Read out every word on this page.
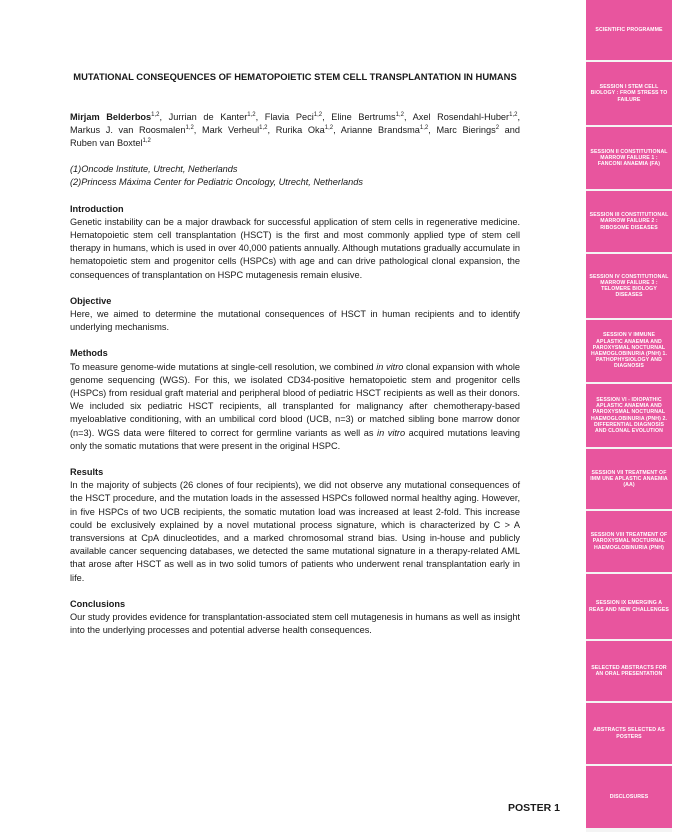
MUTATIONAL CONSEQUENCES OF HEMATOPOIETIC STEM CELL TRANSPLANTATION IN HUMANS
Mirjam Belderbos$^{1,2}$, Jurrian de Kanter$^{1,2}$, Flavia Peci$^{1,2}$, Eline Bertrums$^{1,2}$, Axel Rosendahl-Huber$^{1,2}$, Markus J. van Roosmalen$^{1,2}$, Mark Verheul$^{1,2}$, Rurika Oka$^{1,2}$, Arianne Brandsma$^{1,2}$, Marc Bierings$^2$ and Ruben van Boxtel$^{1,2}$
(1)Oncode Institute, Utrecht, Netherlands
(2)Princess Máxima Center for Pediatric Oncology, Utrecht, Netherlands
Introduction

Genetic instability can be a major drawback for successful application of stem cells in regenerative medicine. Hematopoietic stem cell transplantation (HSCT) is the first and most commonly applied type of stem cell therapy in humans, which is used in over 40,000 patients annually. Although mutations gradually accumulate in hematopoietic stem and progenitor cells (HSPCs) with age and can drive pathological clonal expansion, the consequences of transplantation on HSPC mutagenesis remain elusive.

Objective

Here, we aimed to determine the mutational consequences of HSCT in human recipients and to identify underlying mechanisms.

Methods

To measure genome-wide mutations at single-cell resolution, we combined in vitro clonal expansion with whole genome sequencing (WGS). For this, we isolated CD34-positive hematopoietic stem and progenitor cells (HSPCs) from residual graft material and peripheral blood of pediatric HSCT recipients as well as their donors. We included six pediatric HSCT recipients, all transplanted for malignancy after chemotherapy-based myeloablative conditioning, with an umbilical cord blood (UCB, n=3) or matched sibling bone marrow donor (n=3). WGS data were filtered to correct for germline variants as well as in vitro acquired mutations leaving only the somatic mutations that were present in the original HSPC.

Results

In the majority of subjects (26 clones of four recipients), we did not observe any mutational consequences of the HSCT procedure, and the mutation loads in the assessed HSPCs followed normal healthy aging. However, in five HSPCs of two UCB recipients, the somatic mutation load was increased at least 2-fold. This increase could be exclusively explained by a novel mutational process signature, which is characterized by C > A transversions at CpA dinucleotides, and a marked chromosomal strand bias. Using in-house and publicly available cancer sequencing databases, we detected the same mutational signature in a therapy-related AML that arose after HSCT as well as in two solid tumors of patients who underwent renal transplantation early in life.

Conclusions

Our study provides evidence for transplantation-associated stem cell mutagenesis in humans as well as insight into the underlying processes and potential adverse health consequences.

POSTER 1
SCIENTIFIC PROGRAMME
SESSION I STEM CELL BIOLOGY : FROM STRESS TO FAILURE
SESSION II CONSTITUTIONAL MARROW FAILURE 1 : FANCONI ANAEMIA (FA)
SESSION III CONSTITUTIONAL MARROW FAILURE 2 : RIBOSOME DISEASES
SESSION IV CONSTITUTIONAL MARROW FAILURE 3 : TELOMERE BIOLOGY DISEASES
SESSION V IMMUNE APLASTIC ANAEMIA AND PAROXYSMAL NOCTURNAL HAEMOGLOBINURIA (PNH) 1. PATHOPHYSIOLOGY AND DIAGNOSIS
SESSION VI - IDIOPATHIC APLASTIC ANAEMIA AND PAROXYSMAL NOCTURNAL HAEMOGLOBINURIA (PNH) 2. DIFFERENTIAL DIAGNOSIS AND CLONAL EVOLUTION
SESSION VII TREATMENT OF IMM UNE APLASTIC ANAEMIA (AA)
SESSION VIII TREATMENT OF PAROXYSMAL NOCTURNAL HAEMOGLOBINURIA (PNH)
SESSION IX EMERGING A REAS AND NEW CHALLENGES
SELECTED ABSTRACTS FOR AN ORAL PRESENTATION
ABSTRACTS SELECTED AS POSTERS
DISCLOSURES
